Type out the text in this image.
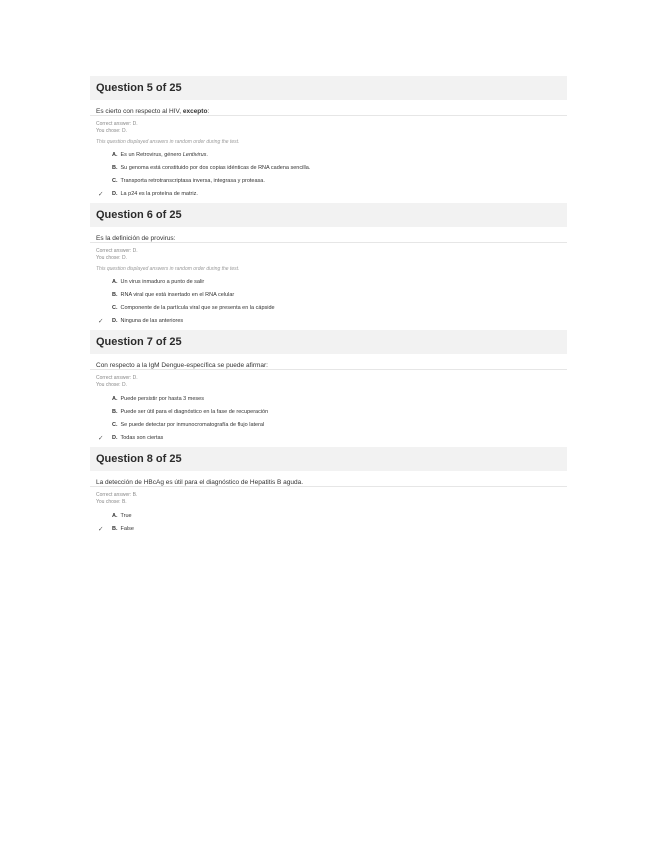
Question 5 of 25
Es cierto con respecto al HIV, excepto:
Correct answer: D.
You chose: D.
This question displayed answers in random order during the test.
A. Es un Retrovirus, género Lentivirus.
B. Su genoma está constituido por dos copias idénticas de RNA cadena sencilla.
C. Transporta retrotranscriptasa inversa, integrasa y proteasa.
✓ D. La p24 es la proteína de matriz.
Question 6 of 25
Es la definición de provirus:
Correct answer: D.
You chose: D.
This question displayed answers in random order during the test.
A. Un virus inmaduro a punto de salir
B. RNA viral que está insertado en el RNA celular
C. Componente de la partícula viral que se presenta en la cápside
✓ D. Ninguna de las anteriores
Question 7 of 25
Con respecto a la IgM Dengue-específica se puede afirmar:
Correct answer: D.
You chose: D.
A. Puede persistir por hasta 3 meses
B. Puede ser útil para el diagnóstico en la fase de recuperación
C. Se puede detectar por inmunocromatografía de flujo lateral
✓ D. Todas son ciertas
Question 8 of 25
La detección de HBcAg es útil para el diagnóstico de Hepatitis B aguda.
Correct answer: B.
You chose: B.
A. True
✓ B. False
